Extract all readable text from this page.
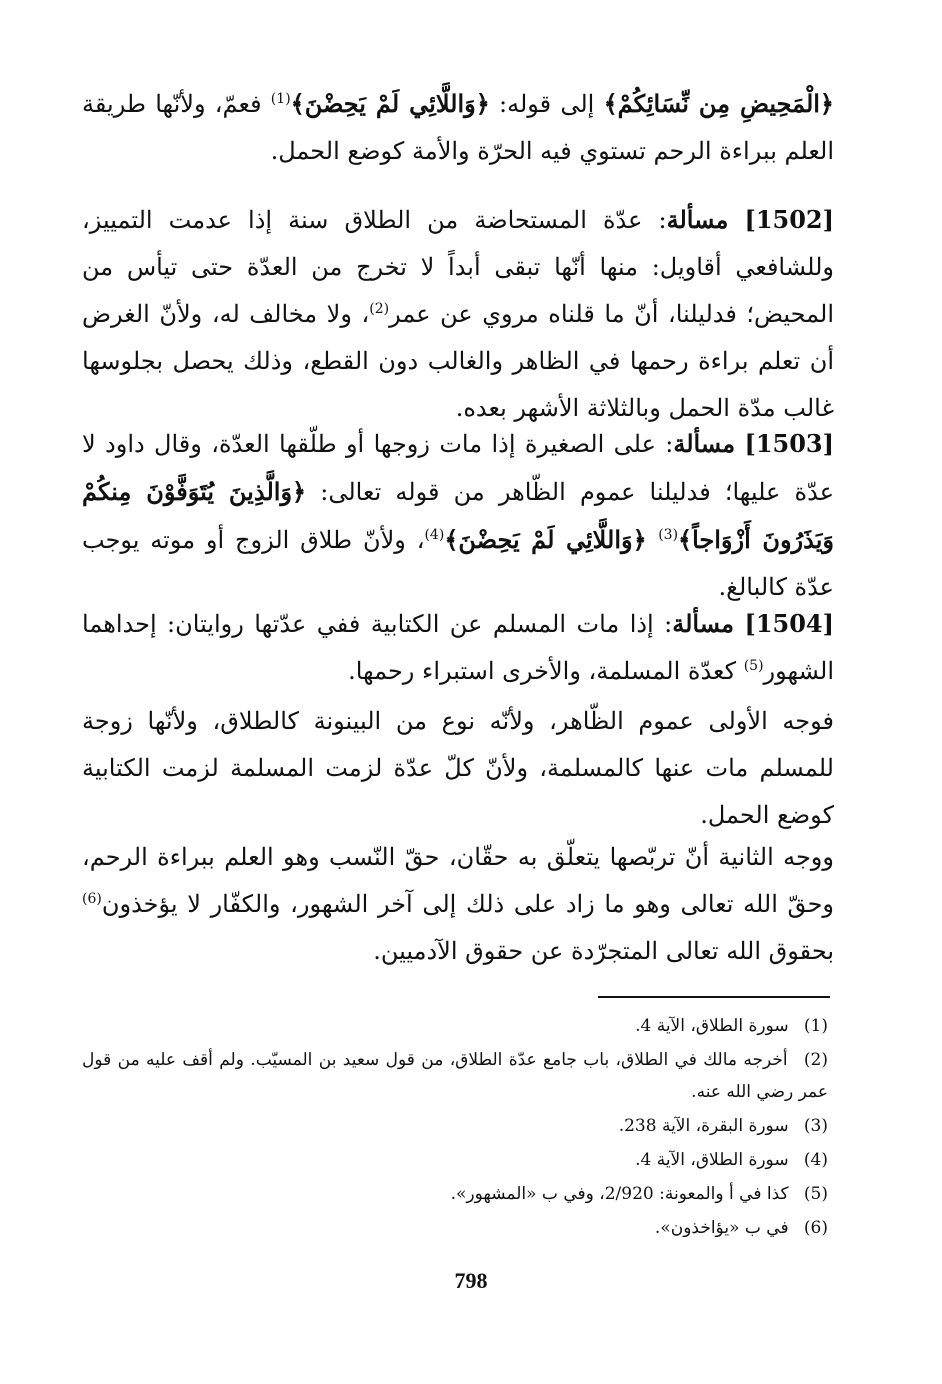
﴿الْمَحِيضِ مِن نِّسَائِكُمْ﴾ إلى قوله: ﴿وَاللَّائِي لَمْ يَحِضْنَ﴾$^{(1)}$ فعمّ، ولأنّها طريقة العلم ببراءة الرحم تستوي فيه الحرّة والأمة كوضع الحمل.

[1502] مسألة: عدّة المستحاضة من الطلاق سنة إذا عدمت التمييز، وللشافعي أقاويل: منها أنّها تبقى أبداً لا تخرج من العدّة حتى تيأس من المحيض؛ فدليلنا، أنّ ما قلناه مروي عن عمر$^{(2)}$، ولا مخالف له، ولأنّ الغرض أن تعلم براءة رحمها في الظاهر والغالب دون القطع، وذلك يحصل بجلوسها غالب مدّة الحمل وبالثلاثة الأشهر بعده.

[1503] مسألة: على الصغيرة إذا مات زوجها أو طلّقها العدّة، وقال داود لا عدّة عليها؛ فدليلنا عموم الظّاهر من قوله تعالى: ﴿وَالَّذِينَ يُتَوَفَّوْنَ مِنكُمْ وَيَذَرُونَ أَزْوَاجاً﴾$^{(3)}$ ﴿وَاللَّائِي لَمْ يَحِضْنَ﴾$^{(4)}$، ولأنّ طلاق الزوج أو موته يوجب عدّة كالبالغ.

[1504] مسألة: إذا مات المسلم عن الكتابية ففي عدّتها روايتان: إحداهما الشهور$^{(5)}$ كعدّة المسلمة، والأخرى استبراء رحمها.

فوجه الأولى عموم الظّاهر، ولأنّه نوع من البينونة كالطلاق، ولأنّها زوجة للمسلم مات عنها كالمسلمة، ولأنّ كلّ عدّة لزمت المسلمة لزمت الكتابية كوضع الحمل.

ووجه الثانية أنّ تربّصها يتعلّق به حقّان، حقّ النّسب وهو العلم ببراءة الرحم، وحقّ الله تعالى وهو ما زاد على ذلك إلى آخر الشهور، والكفّار لا يؤخذون$^{(6)}$ بحقوق الله تعالى المتجرّدة عن حقوق الآدميين.

(1) سورة الطلاق، الآية 4.
(2) أخرجه مالك في الطلاق، باب جامع عدّة الطلاق، من قول سعيد بن المسيّب. ولم أقف عليه من قول عمر رضي الله عنه.
(3) سورة البقرة، الآية 238.
(4) سورة الطلاق، الآية 4.
(5) كذا في أ والمعونة: 2/920، وفي ب «المشهور».
(6) في ب «يؤاخذون».
798
